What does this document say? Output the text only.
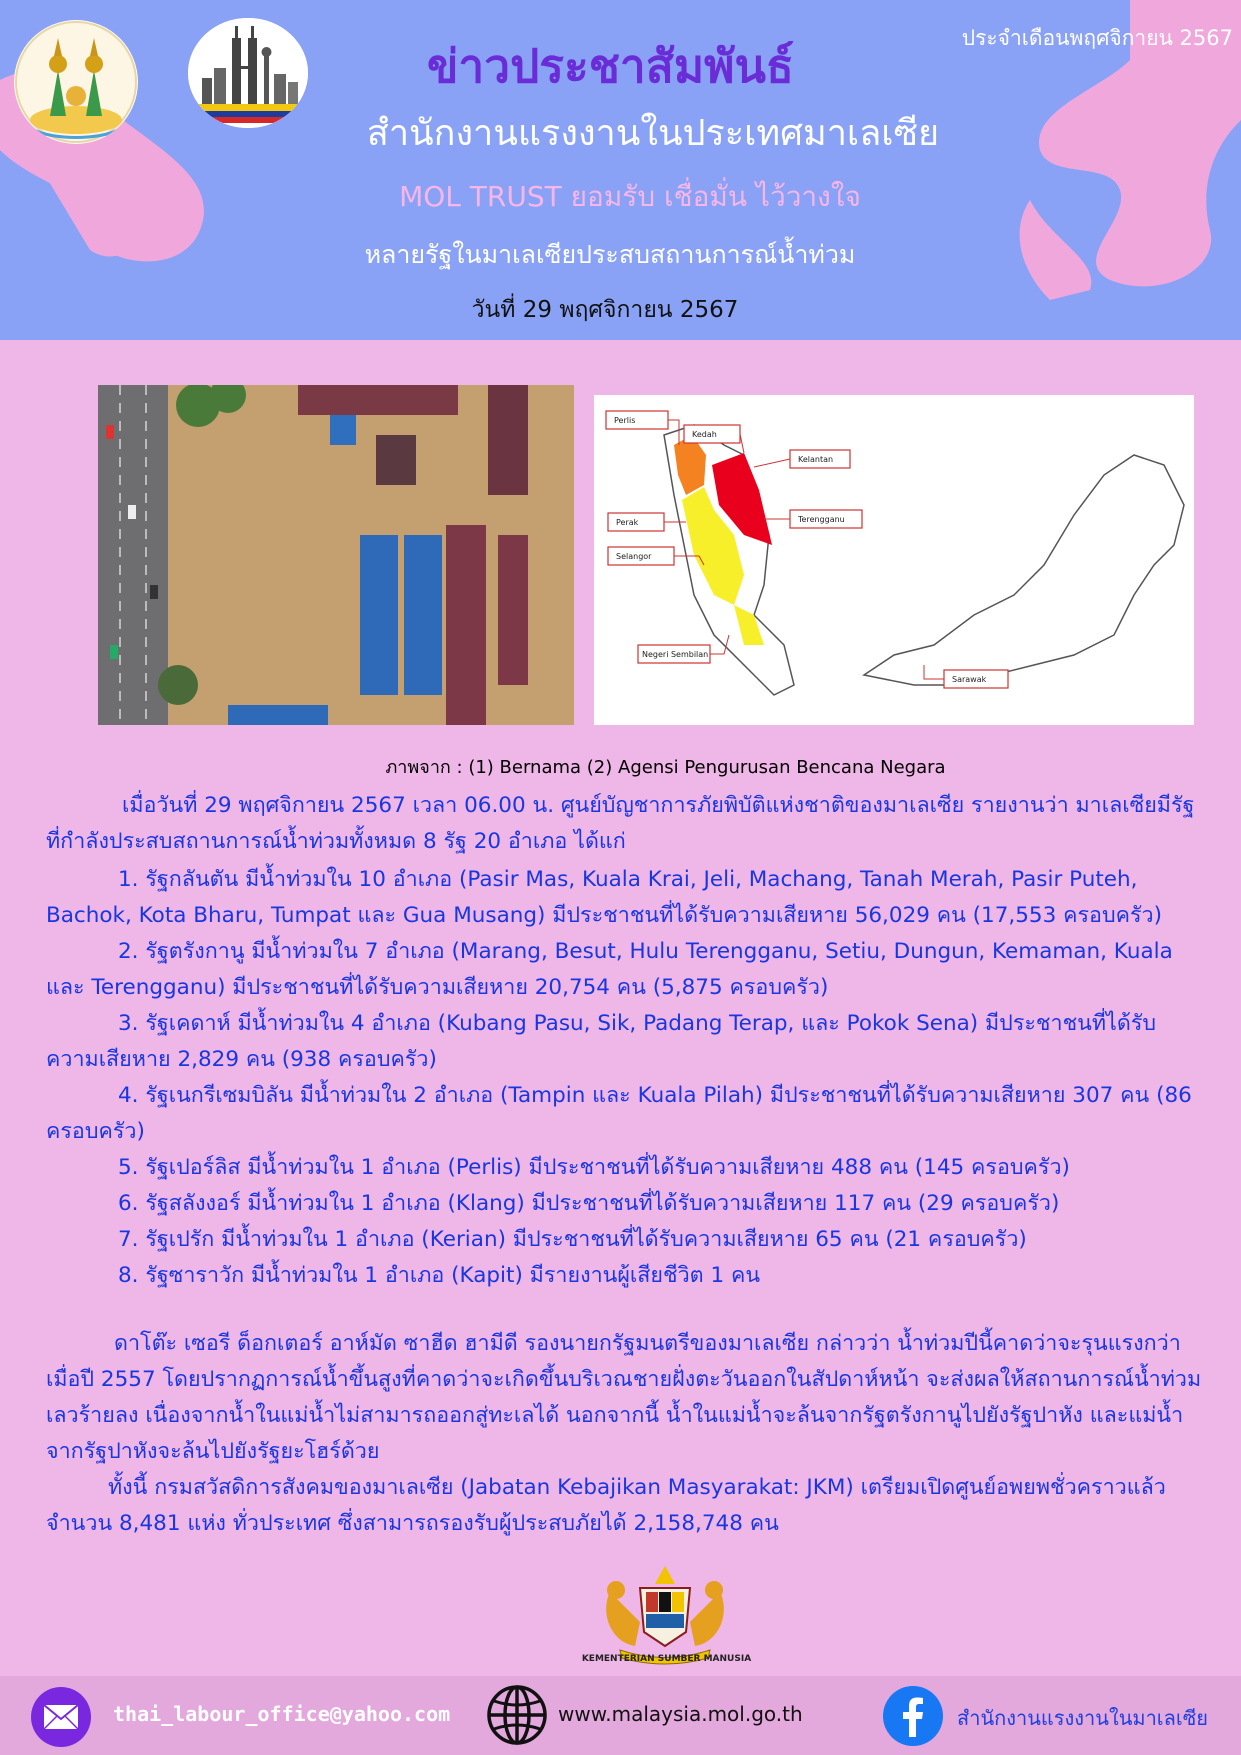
ประจำเดือนพฤศจิกายน 2567
ข่าวประชาสัมพันธ์
สำนักงานแรงงานในประเทศมาเลเซีย
MOL TRUST ยอมรับ เชื่อมั่น ไว้วางใจ
หลายรัฐในมาเลเซียประสบสถานการณ์น้ำท่วม
วันที่ 29 พฤศจิกายน 2567
Perlis
Kedah
Kelantan
Terengganu
Perak
Selangor
Negeri Sembilan
Sarawak
ภาพจาก : (1) Bernama (2) Agensi Pengurusan Bencana Negara

เมื่อวันที่ 29 พฤศจิกายน 2567 เวลา 06.00 น. ศูนย์บัญชาการภัยพิบัติแห่งชาติของมาเลเซีย รายงานว่า มาเลเซียมีรัฐที่กำลังประสบสถานการณ์น้ำท่วมทั้งหมด 8 รัฐ 20 อำเภอ ได้แก่

1. รัฐกลันตัน มีน้ำท่วมใน 10 อำเภอ (Pasir Mas, Kuala Krai, Jeli, Machang, Tanah Merah, Pasir Puteh, Bachok, Kota Bharu, Tumpat และ Gua Musang) มีประชาชนที่ได้รับความเสียหาย 56,029 คน (17,553 ครอบครัว)

2. รัฐตรังกานู มีน้ำท่วมใน 7 อำเภอ (Marang, Besut, Hulu Terengganu, Setiu, Dungun, Kemaman, Kuala และ Terengganu) มีประชาชนที่ได้รับความเสียหาย 20,754 คน (5,875 ครอบครัว)

3. รัฐเคดาห์ มีน้ำท่วมใน 4 อำเภอ (Kubang Pasu, Sik, Padang Terap, และ Pokok Sena) มีประชาชนที่ได้รับความเสียหาย 2,829 คน (938 ครอบครัว)

4. รัฐเนกรีเซมบิลัน มีน้ำท่วมใน 2 อำเภอ (Tampin และ Kuala Pilah) มีประชาชนที่ได้รับความเสียหาย 307 คน (86 ครอบครัว)

5. รัฐเปอร์ลิส มีน้ำท่วมใน 1 อำเภอ (Perlis) มีประชาชนที่ได้รับความเสียหาย 488 คน (145 ครอบครัว)

6. รัฐสลังงอร์ มีน้ำท่วมใน 1 อำเภอ (Klang) มีประชาชนที่ได้รับความเสียหาย 117 คน (29 ครอบครัว)

7. รัฐเปรัก มีน้ำท่วมใน 1 อำเภอ (Kerian) มีประชาชนที่ได้รับความเสียหาย 65 คน (21 ครอบครัว)

8. รัฐซาราวัก มีน้ำท่วมใน 1 อำเภอ (Kapit) มีรายงานผู้เสียชีวิต 1 คน

ดาโต๊ะ เซอรี ด็อกเตอร์ อาห์มัด ซาฮีด ฮามีดี รองนายกรัฐมนตรีของมาเลเซีย กล่าวว่า น้ำท่วมปีนี้คาดว่าจะรุนแรงกว่าเมื่อปี 2557 โดยปรากฏการณ์น้ำขึ้นสูงที่คาดว่าจะเกิดขึ้นบริเวณชายฝั่งตะวันออกในสัปดาห์หน้า จะส่งผลให้สถานการณ์น้ำท่วมเลวร้ายลง เนื่องจากน้ำในแม่น้ำไม่สามารถออกสู่ทะเลได้ นอกจากนี้ น้ำในแม่น้ำจะล้นจากรัฐตรังกานูไปยังรัฐปาหัง และแม่น้ำจากรัฐปาหังจะล้นไปยังรัฐยะโฮร์ด้วย

ทั้งนี้ กรมสวัสดิการสังคมของมาเลเซีย (Jabatan Kebajikan Masyarakat: JKM) เตรียมเปิดศูนย์อพยพชั่วคราวแล้ว จำนวน 8,481 แห่ง ทั่วประเทศ ซึ่งสามารถรองรับผู้ประสบภัยได้ 2,158,748 คน

KEMENTERIAN SUMBER MANUSIA
thai_labour_office@yahoo.com	www.malaysia.mol.go.th	สำนักงานแรงงานในมาเลเซีย
